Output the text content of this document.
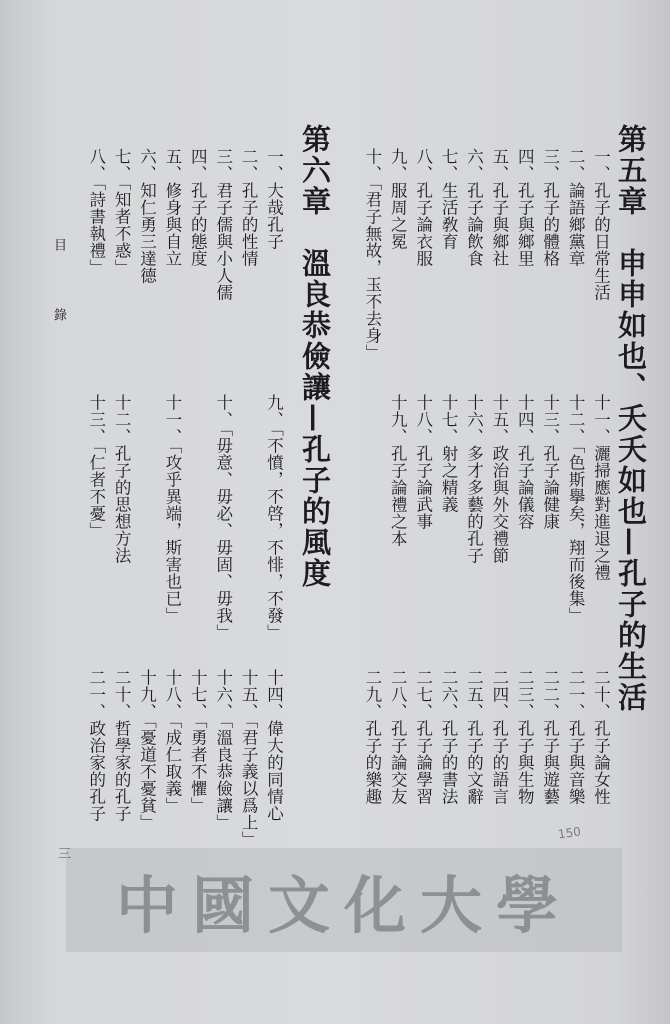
第五章　申申如也、夭夭如也—孔子的生活
一、孔子的日常生活
十一、灑掃應對進退之禮
二十、孔子論女性
二、論語鄉黨章
十二、「色斯擧矣，翔而後集」
二一、孔子與音樂
三、孔子的體格
十三、孔子論健康
二二、孔子與遊藝
四、孔子與鄉里
十四、孔子論儀容
二三、孔子與生物
五、孔子與鄉社
十五、政治與外交禮節
二四、孔子的語言
六、孔子論飲食
十六、多才多藝的孔子
二五、孔子的文辭
七、生活敎育
十七、射之精義
二六、孔子的書法
八、孔子論衣服
十八、孔子論武事
二七、孔子論學習
九、服周之冕
十九、孔子論禮之本
二八、孔子論交友
十、「君子無故，玉不去身」
二九、孔子的樂趣
第六章　溫良恭儉讓—孔子的風度
一、大哉孔子
九、「不憤，不啓，不悱，不發」
十四、偉大的同情心
二、孔子的性情
十五、「君子義以爲上」
三、君子儒與小人儒
十、「毋意、毋必、毋固、毋我」
十六、「溫良恭儉讓」
四、孔子的態度
十七、「勇者不懼」
五、修身與自立
十一、「攻乎異端，斯害也已」
十八、「成仁取義」
六、知仁勇三達德
十九、「憂道不憂貧」
七、「知者不惑」
十二、孔子的思想方法
二十、哲學家的孔子
八、「詩書執禮」
十三、「仁者不憂」
二一、政治家的孔子
目　錄
三
150
中國文化大學
